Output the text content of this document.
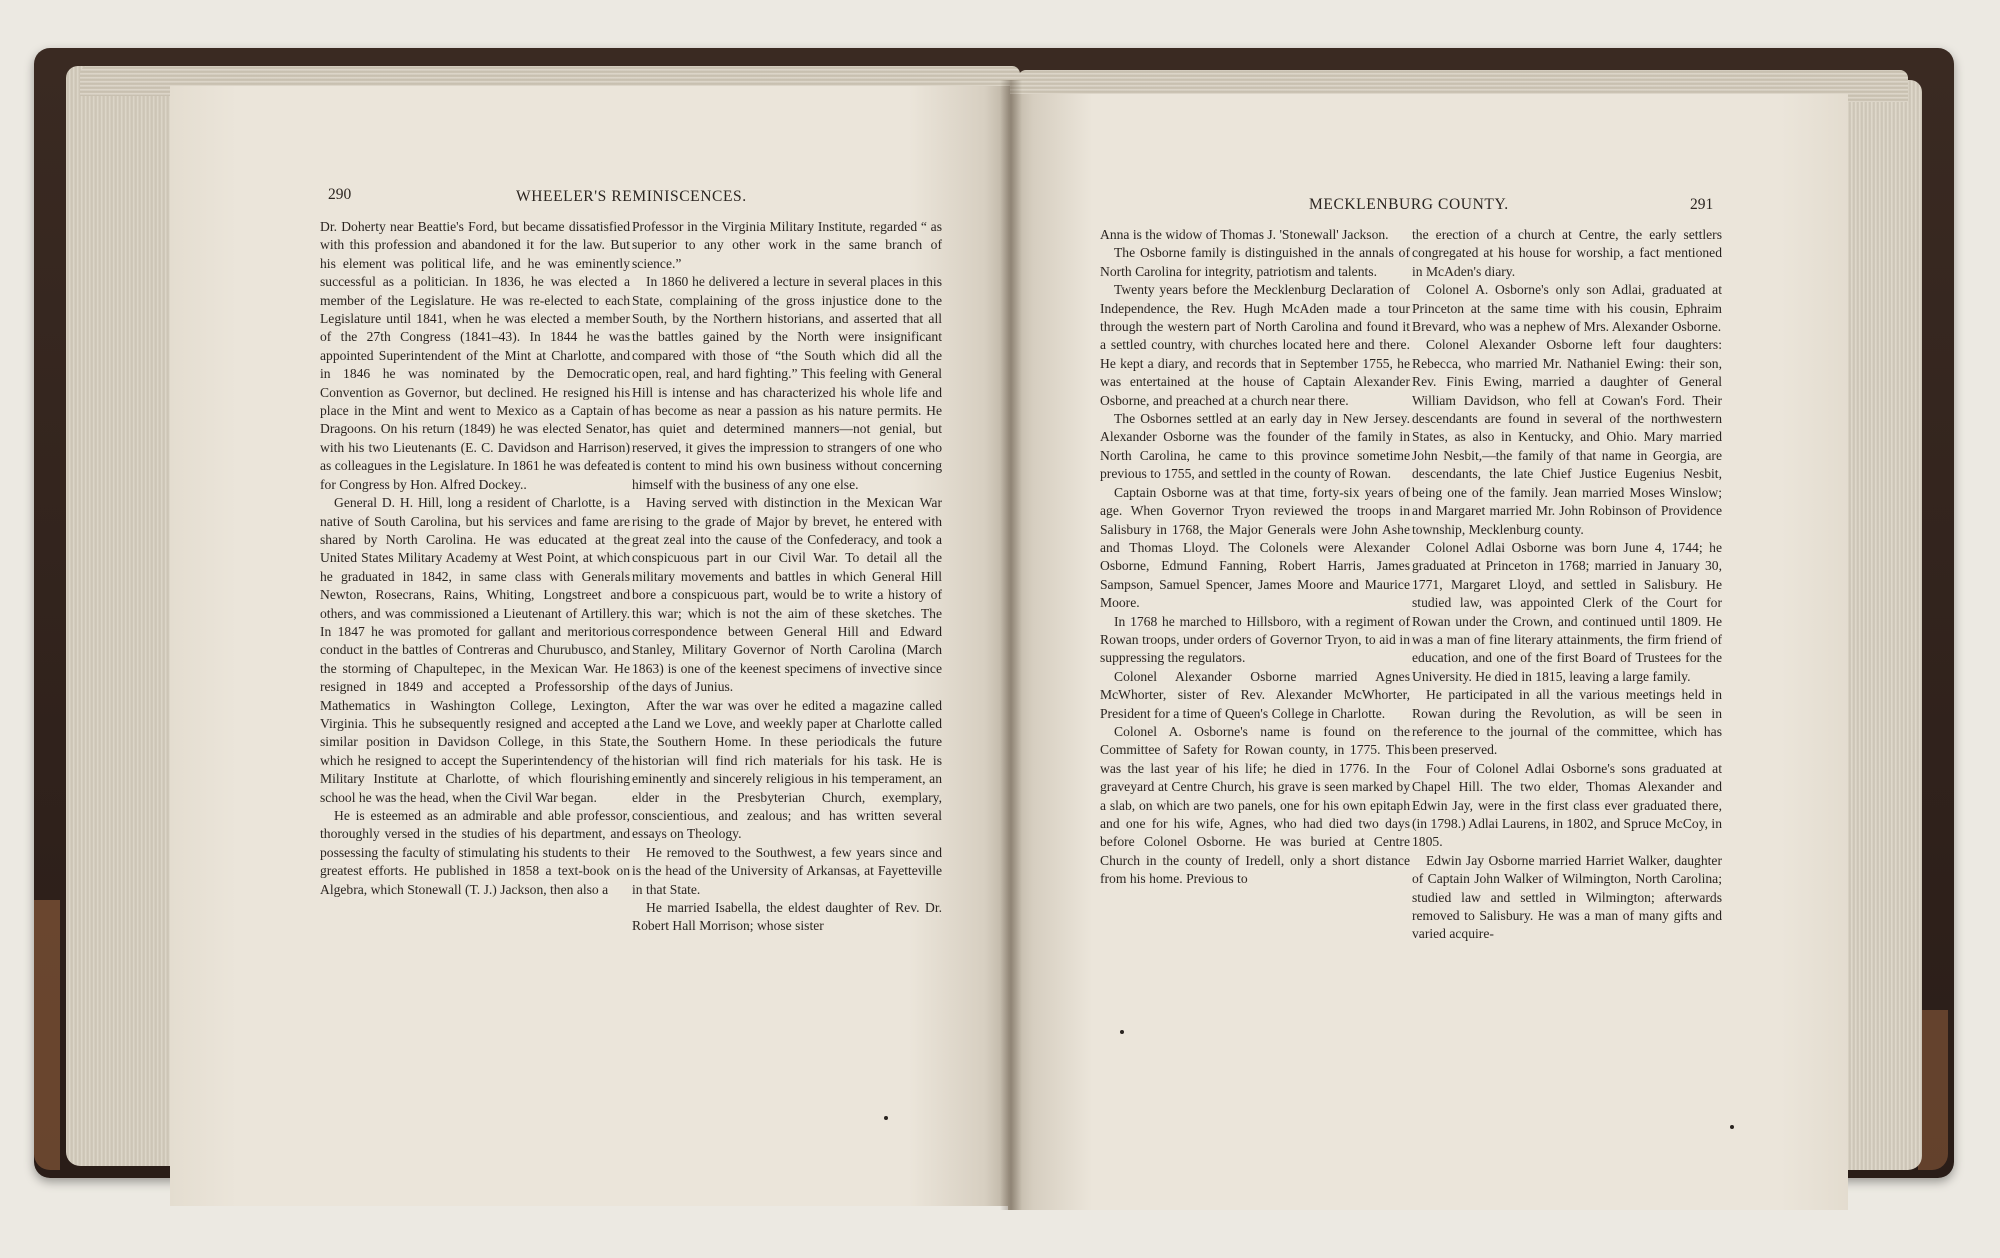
290	WHEELER'S REMINISCENCES.

Dr. Doherty near Beattie's Ford, but became dissatisfied with this profession and abandoned it for the law. But his element was political life, and he was eminently successful as a politician. In 1836, he was elected a member of the Legislature. He was re-elected to each Legislature until 1841, when he was elected a member of the 27th Congress (1841–43). In 1844 he was appointed Superintendent of the Mint at Charlotte, and in 1846 he was nominated by the Democratic Convention as Governor, but declined. He resigned his place in the Mint and went to Mexico as a Captain of Dragoons. On his return (1849) he was elected Senator, with his two Lieutenants (E. C. Davidson and Harrison) as colleagues in the Legislature. In 1861 he was defeated for Congress by Hon. Alfred Dockey..

General D. H. Hill, long a resident of Charlotte, is a native of South Carolina, but his services and fame are shared by North Carolina. He was educated at the United States Military Academy at West Point, at which he graduated in 1842, in same class with Generals Newton, Rosecrans, Rains, Whiting, Longstreet and others, and was commissioned a Lieutenant of Artillery. In 1847 he was promoted for gallant and meritorious conduct in the battles of Contreras and Churubusco, and the storming of Chapultepec, in the Mexican War. He resigned in 1849 and accepted a Professorship of Mathematics in Washington College, Lexington, Virginia. This he subsequently resigned and accepted a similar position in Davidson College, in this State, which he resigned to accept the Superintendency of the Military Institute at Charlotte, of which flourishing school he was the head, when the Civil War began.

He is esteemed as an admirable and able professor, thoroughly versed in the studies of his department, and possessing the faculty of stimulating his students to their greatest efforts. He published in 1858 a text-book on Algebra, which Stonewall (T. J.) Jackson, then also a

Professor in the Virginia Military Institute, regarded “ as superior to any other work in the same branch of science.”

In 1860 he delivered a lecture in several places in this State, complaining of the gross injustice done to the South, by the Northern historians, and asserted that all the battles gained by the North were insignificant compared with those of “the South which did all the open, real, and hard fighting.” This feeling with General Hill is intense and has characterized his whole life and has become as near a passion as his nature permits. He has quiet and determined manners—not genial, but reserved, it gives the impression to strangers of one who is content to mind his own business without concerning himself with the business of any one else.

Having served with distinction in the Mexican War rising to the grade of Major by brevet, he entered with great zeal into the cause of the Confederacy, and took a conspicuous part in our Civil War. To detail all the military movements and battles in which General Hill bore a conspicuous part, would be to write a history of this war; which is not the aim of these sketches. The correspondence between General Hill and Edward Stanley, Military Governor of North Carolina (March 1863) is one of the keenest specimens of invective since the days of Junius.

After the war was over he edited a magazine called the Land we Love, and weekly paper at Charlotte called the Southern Home. In these periodicals the future historian will find rich materials for his task. He is eminently and sincerely religious in his temperament, an elder in the Presbyterian Church, exemplary, conscientious, and zealous; and has written several essays on Theology.

He removed to the Southwest, a few years since and is the head of the University of Arkansas, at Fayetteville in that State.

He married Isabella, the eldest daughter of Rev. Dr. Robert Hall Morrison; whose sister

MECKLENBURG COUNTY.	291

Anna is the widow of Thomas J. 'Stonewall' Jackson.

The Osborne family is distinguished in the annals of North Carolina for integrity, patriotism and talents.

Twenty years before the Mecklenburg Declaration of Independence, the Rev. Hugh McAden made a tour through the western part of North Carolina and found it a settled country, with churches located here and there. He kept a diary, and records that in September 1755, he was entertained at the house of Captain Alexander Osborne, and preached at a church near there.

The Osbornes settled at an early day in New Jersey. Alexander Osborne was the founder of the family in North Carolina, he came to this province sometime previous to 1755, and settled in the county of Rowan.

Captain Osborne was at that time, forty-six years of age. When Governor Tryon reviewed the troops in Salisbury in 1768, the Major Generals were John Ashe and Thomas Lloyd. The Colonels were Alexander Osborne, Edmund Fanning, Robert Harris, James Sampson, Samuel Spencer, James Moore and Maurice Moore.

In 1768 he marched to Hillsboro, with a regiment of Rowan troops, under orders of Governor Tryon, to aid in suppressing the regulators.

Colonel Alexander Osborne married Agnes McWhorter, sister of Rev. Alexander McWhorter, President for a time of Queen's College in Charlotte.

Colonel A. Osborne's name is found on the Committee of Safety for Rowan county, in 1775. This was the last year of his life; he died in 1776. In the graveyard at Centre Church, his grave is seen marked by a slab, on which are two panels, one for his own epitaph and one for his wife, Agnes, who had died two days before Colonel Osborne. He was buried at Centre Church in the county of Iredell, only a short distance from his home. Previous to

the erection of a church at Centre, the early settlers congregated at his house for worship, a fact mentioned in McAden's diary.

Colonel A. Osborne's only son Adlai, graduated at Princeton at the same time with his cousin, Ephraim Brevard, who was a nephew of Mrs. Alexander Osborne.

Colonel Alexander Osborne left four daughters: Rebecca, who married Mr. Nathaniel Ewing: their son, Rev. Finis Ewing, married a daughter of General William Davidson, who fell at Cowan's Ford. Their descendants are found in several of the northwestern States, as also in Kentucky, and Ohio. Mary married John Nesbit,—the family of that name in Georgia, are descendants, the late Chief Justice Eugenius Nesbit, being one of the family. Jean married Moses Winslow; and Margaret married Mr. John Robinson of Providence township, Mecklenburg county.

Colonel Adlai Osborne was born June 4, 1744; he graduated at Princeton in 1768; married in January 30, 1771, Margaret Lloyd, and settled in Salisbury. He studied law, was appointed Clerk of the Court for Rowan under the Crown, and continued until 1809. He was a man of fine literary attainments, the firm friend of education, and one of the first Board of Trustees for the University. He died in 1815, leaving a large family.

He participated in all the various meetings held in Rowan during the Revolution, as will be seen in reference to the journal of the committee, which has been preserved.

Four of Colonel Adlai Osborne's sons graduated at Chapel Hill. The two elder, Thomas Alexander and Edwin Jay, were in the first class ever graduated there, (in 1798.) Adlai Laurens, in 1802, and Spruce McCoy, in 1805.

Edwin Jay Osborne married Harriet Walker, daughter of Captain John Walker of Wilmington, North Carolina; studied law and settled in Wilmington; afterwards removed to Salisbury. He was a man of many gifts and varied acquire-
